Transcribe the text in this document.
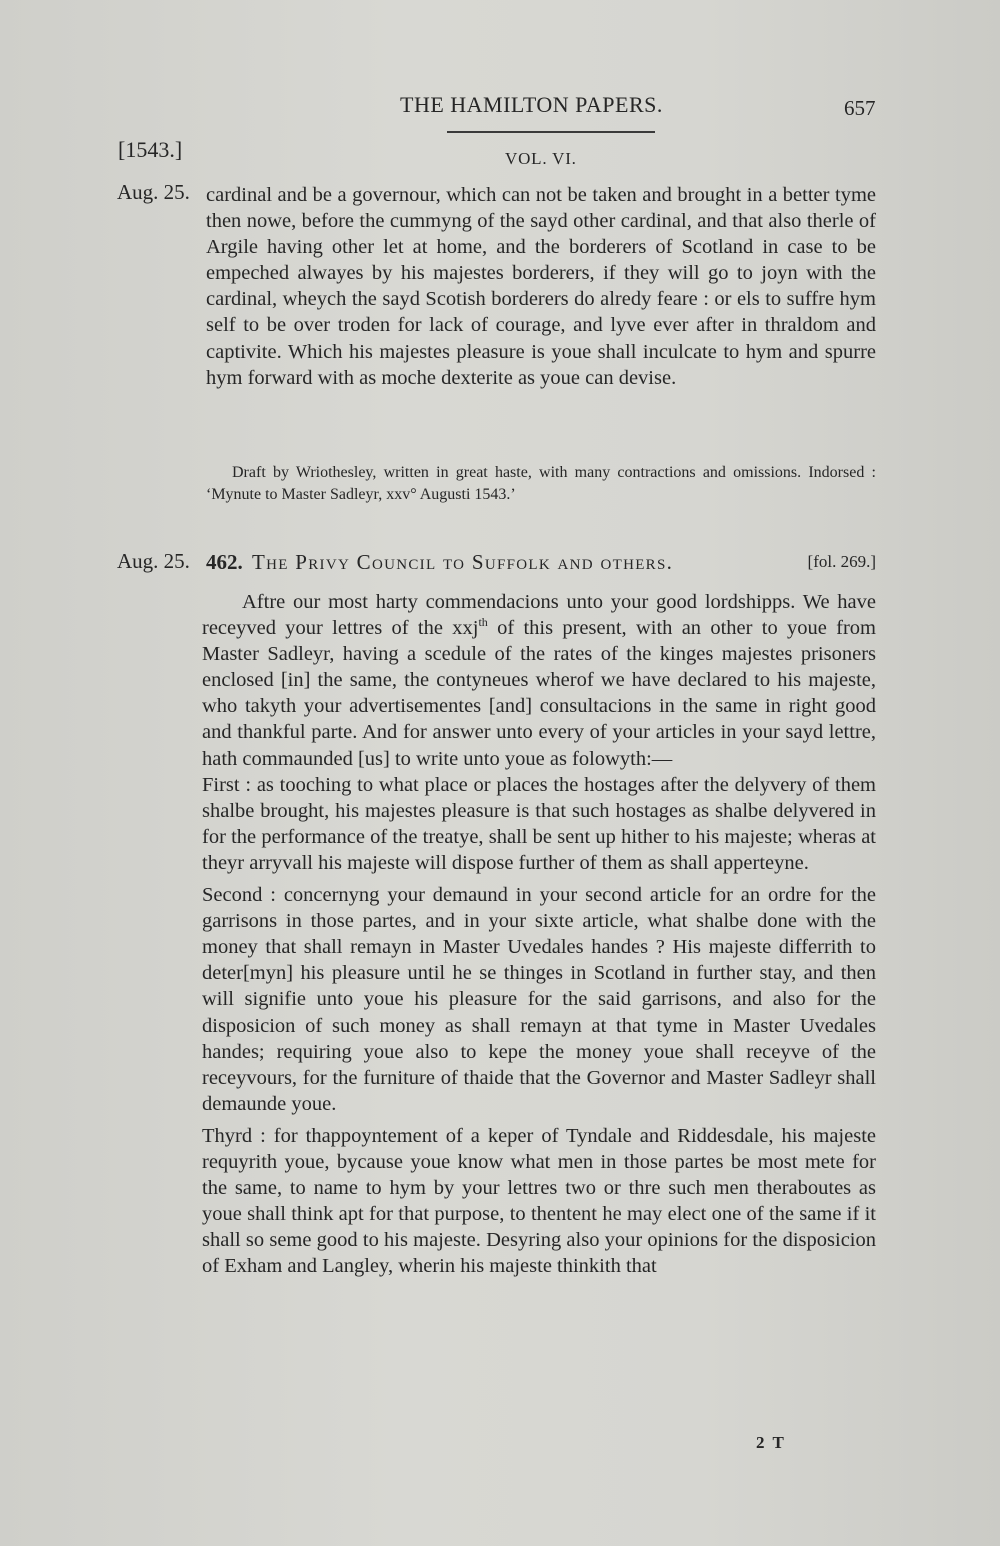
THE HAMILTON PAPERS.	657
[1543.]	VOL. VI.
Aug. 25. cardinal and be a governour, which can not be taken and brought in a better tyme then nowe, before the cummyng of the sayd other cardinal, and that also therle of Argile having other let at home, and the borderers of Scotland in case to be empeched alwayes by his majestes borderers, if they will go to joyn with the cardinal, wheych the sayd Scotish borderers do alredy feare : or els to suffre hym self to be over troden for lack of courage, and lyve ever after in thraldom and captivite. Which his majestes pleasure is youe shall inculcate to hym and spurre hym forward with as moche dexterite as youe can devise.

Draft by Wriothesley, written in great haste, with many contractions and omissions. Indorsed : ‘Mynute to Master Sadleyr, xxv° Augusti 1543.’
Aug. 25. 462. The Privy Council to Suffolk and others.	[fol. 269.]

Aftre our most harty commendacions unto your good lordshipps. We have receyved your lettres of the xxj$^{th}$ of this present, with an other to youe from Master Sadleyr, having a scedule of the rates of the kinges majestes prisoners enclosed [in] the same, the contyneues wherof we have declared to his majeste, who takyth your advertisementes [and] consultacions in the same in right good and thankful parte. And for answer unto every of your articles in your sayd lettre, hath commaunded [us] to write unto youe as folowyth:—

First : as tooching to what place or places the hostages after the delyvery of them shalbe brought, his majestes pleasure is that such hostages as shalbe delyvered in for the performance of the treatye, shall be sent up hither to his majeste; wheras at theyr arryvall his majeste will dispose further of them as shall apperteyne.

Second : concernyng your demaund in your second article for an ordre for the garrisons in those partes, and in your sixte article, what shalbe done with the money that shall remayn in Master Uvedales handes ? His majeste differrith to deter[myn] his pleasure until he se thinges in Scotland in further stay, and then will signifie unto youe his pleasure for the said garrisons, and also for the disposicion of such money as shall remayn at that tyme in Master Uvedales handes; requiring youe also to kepe the money youe shall receyve of the receyvours, for the furniture of thaide that the Governor and Master Sadleyr shall demaunde youe.

Thyrd : for thappoyntement of a keper of Tyndale and Riddesdale, his majeste requyrith youe, bycause youe know what men in those partes be most mete for the same, to name to hym by your lettres two or thre such men theraboutes as youe shall think apt for that purpose, to thentent he may elect one of the same if it shall so seme good to his majeste. Desyring also your opinions for the disposicion of Exham and Langley, wherin his majeste thinkith that

2 T
